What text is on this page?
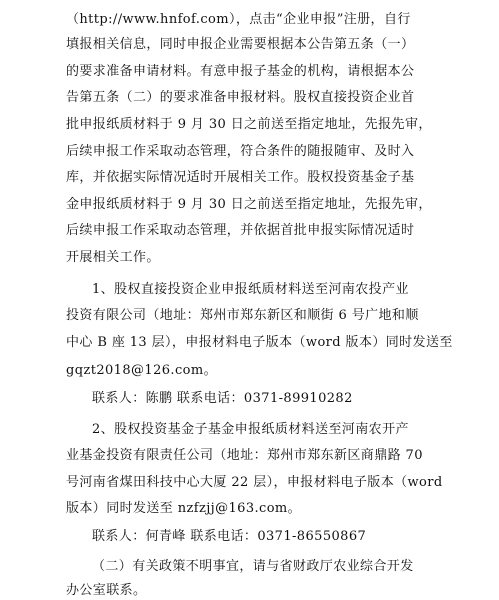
（http://www.hnfof.com），点击“企业申报”注册，自行
填报相关信息，同时申报企业需要根据本公告第五条（一）
的要求准备申请材料。有意申报子基金的机构，请根据本公
告第五条（二）的要求准备申报材料。股权直接投资企业首
批申报纸质材料于 9 月 30 日之前送至指定地址，先报先审，
后续申报工作采取动态管理，符合条件的随报随审、及时入
库，并依据实际情况适时开展相关工作。股权投资基金子基
金申报纸质材料于 9 月 30 日之前送至指定地址，先报先审，
后续申报工作采取动态管理，并依据首批申报实际情况适时
开展相关工作。
1、股权直接投资企业申报纸质材料送至河南农投产业
投资有限公司（地址：郑州市郑东新区和顺街 6 号广地和顺
中心 B 座 13 层），申报材料电子版本（word 版本）同时发送至
gqzt2018@126.com。
联系人：陈鹏 联系电话：0371-89910282
2、股权投资基金子基金申报纸质材料送至河南农开产
业基金投资有限责任公司（地址：郑州市郑东新区商鼎路 70
号河南省煤田科技中心大厦 22 层），申报材料电子版本（word
版本）同时发送至 nzfzjj@163.com。
联系人：何青峰 联系电话：0371-86550867
（二）有关政策不明事宜，请与省财政厅农业综合开发
办公室联系。
